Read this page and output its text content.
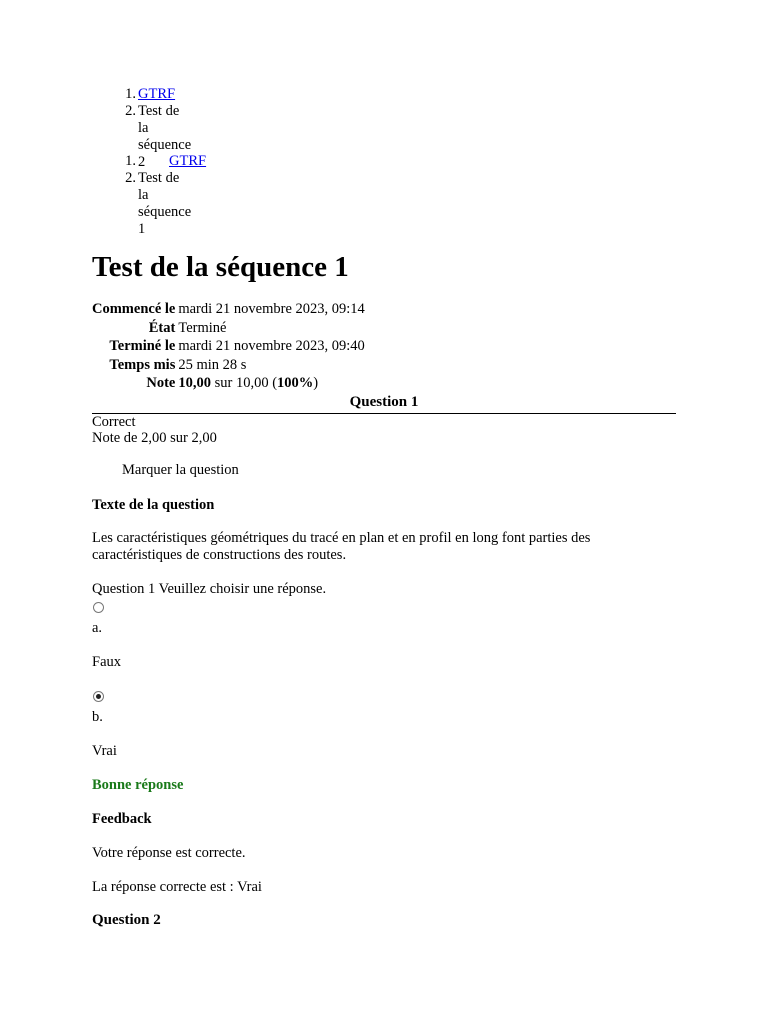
1. GTRF
2. Test de la séquence 2
1. GTRF
2. Test de la séquence 1
Test de la séquence 1
Commencé le	mardi 21 novembre 2023, 09:14
État	Terminé
Terminé le	mardi 21 novembre 2023, 09:40
Temps mis	25 min 28 s
Note	10,00 sur 10,00 (100%)
Question 1
Correct
Note de 2,00 sur 2,00
Marquer la question
Texte de la question
Les caractéristiques géométriques du tracé en plan et en profil en long font parties des caractéristiques de constructions des routes.
Question 1 Veuillez choisir une réponse.
a.
Faux
b.
Vrai
Bonne réponse
Feedback
Votre réponse est correcte.
La réponse correcte est : Vrai
Question 2
